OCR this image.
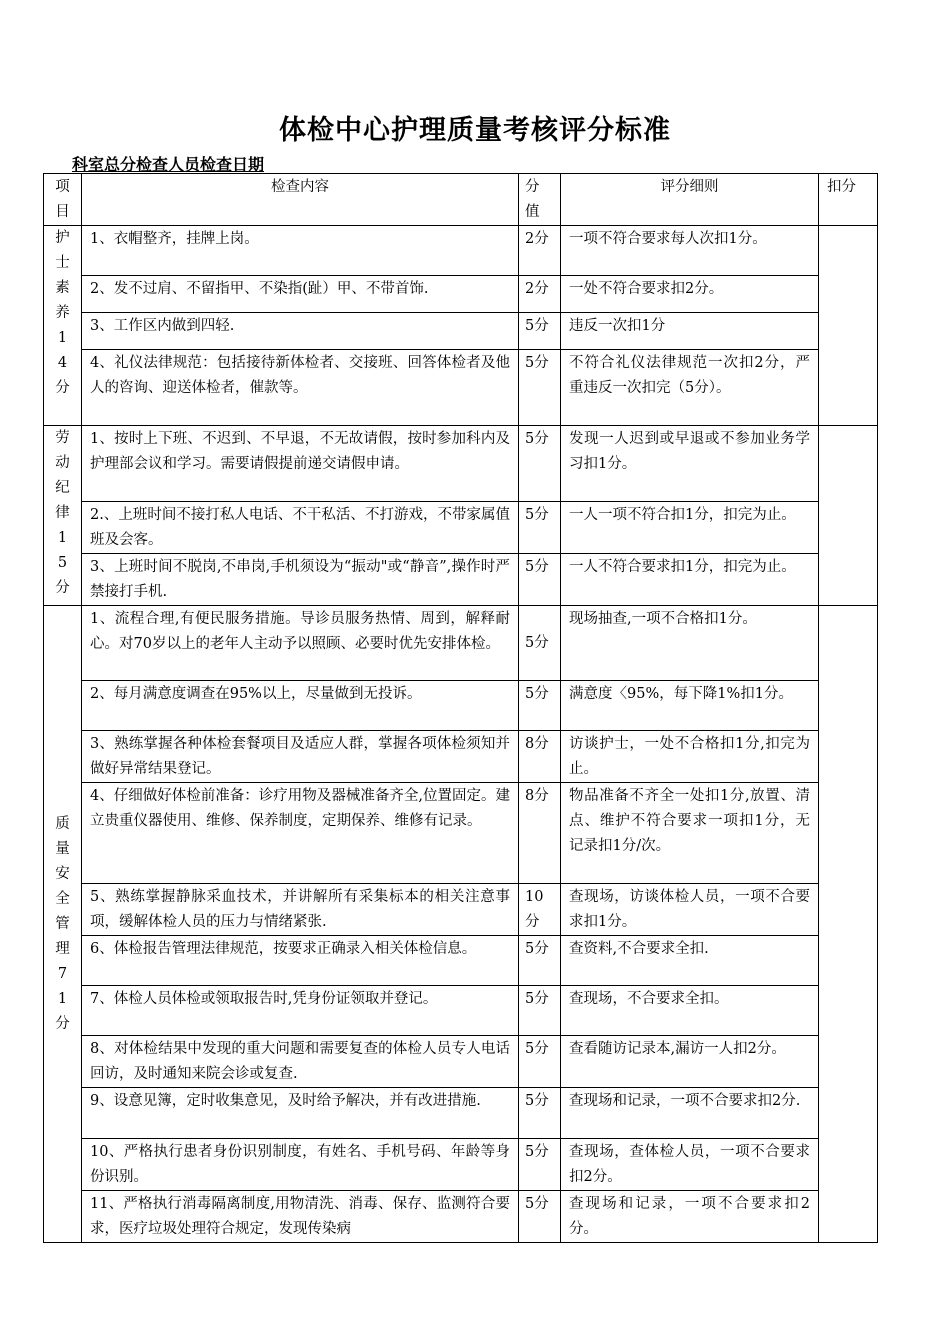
体检中心护理质量考核评分标准
科室总分检查人员检查日期
项目	检查内容	分值	评分细则	扣分

护士素养14分	1、衣帽整齐，挂牌上岗。	2分	一项不符合要求每人次扣1分。	

	2、发不过肩、不留指甲、不染指(趾）甲、不带首饰.	2分	一处不符合要求扣2分。	

	3、工作区内做到四轻.	5分	违反一次扣1分	

	4、礼仪法律规范：包括接待新体检者、交接班、回答体检者及他人的咨询、迎送体检者，催款等。	5分	不符合礼仪法律规范一次扣2分，严重违反一次扣完（5分）。	

劳动纪律15分	1、按时上下班、不迟到、不早退，不无故请假，按时参加科内及护理部会议和学习。需要请假提前递交请假申请。	5分	发现一人迟到或早退或不参加业务学习扣1分。	

	2.、上班时间不接打私人电话、不干私活、不打游戏，不带家属值班及会客。	5分	一人一项不符合扣1分，扣完为止。	

	3、上班时间不脱岗,不串岗,手机须设为“振动"或“静音”,操作时严禁接打手机.	5分	一人不符合要求扣1分，扣完为止。	

质量安全管理71分	1、流程合理,有便民服务措施。导诊员服务热情、周到，解释耐心。对70岁以上的老年人主动予以照顾、必要时优先安排体检。	5分	现场抽查,一项不合格扣1分。	

	2、每月满意度调查在95%以上，尽量做到无投诉。	5分	满意度〈95%，每下降1%扣1分。	

	3、熟练掌握各种体检套餐项目及适应人群，掌握各项体检须知并做好异常结果登记。	8分	访谈护士，一处不合格扣1分,扣完为止。	

	4、仔细做好体检前准备：诊疗用物及器械准备齐全,位置固定。建立贵重仪器使用、维修、保养制度，定期保养、维修有记录。	8分	物品准备不齐全一处扣1分,放置、清点、维护不符合要求一项扣1分，无记录扣1分/次。	

	5、熟练掌握静脉采血技术，并讲解所有采集标本的相关注意事项，缓解体检人员的压力与情绪紧张.	10分	查现场，访谈体检人员，一项不合要求扣1分。	

	6、体检报告管理法律规范，按要求正确录入相关体检信息。	5分	查资料,不合要求全扣.	

	7、体检人员体检或领取报告时,凭身份证领取并登记。	5分	查现场，不合要求全扣。	

	8、对体检结果中发现的重大问题和需要复查的体检人员专人电话回访，及时通知来院会诊或复查.	5分	查看随访记录本,漏访一人扣2分。	

	9、设意见簿，定时收集意见，及时给予解决，并有改进措施.	5分	查现场和记录，一项不合要求扣2分.	

	10、严格执行患者身份识别制度，有姓名、手机号码、年龄等身份识别。	5分	查现场，查体检人员，一项不合要求扣2分。	

	11、严格执行消毒隔离制度,用物清洗、消毒、保存、监测符合要求，医疗垃圾处理符合规定，发现传染病	5分	查现场和记录，一项不合要求扣2分。	
